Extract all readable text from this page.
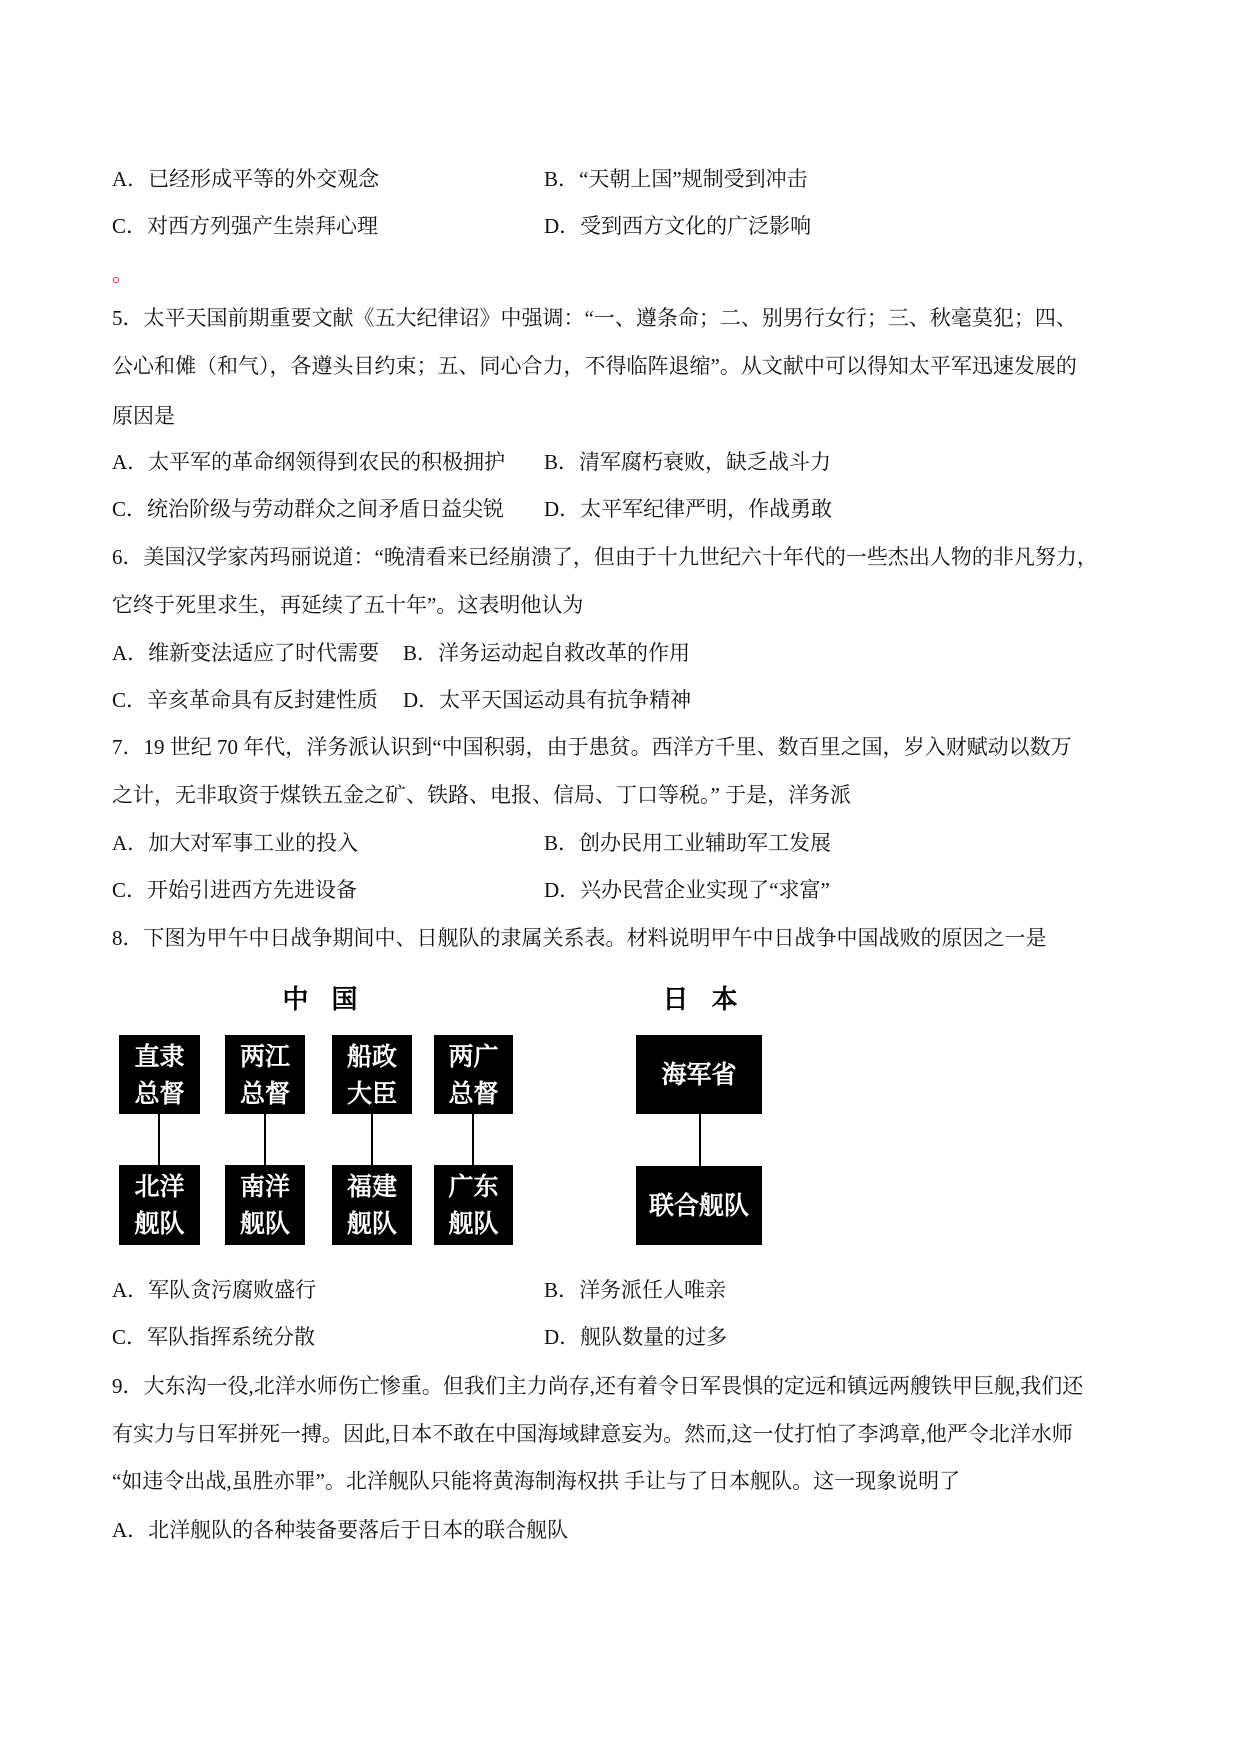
A．已经形成平等的外交观念	B．“天朝上国”规制受到冲击
C．对西方列强产生崇拜心理	D．受到西方文化的广泛影响
。
5．太平天国前期重要文献《五大纪律诏》中强调：“一、遵条命；二、别男行女行；三、秋毫莫犯；四、
公心和傩（和气），各遵头目约束；五、同心合力，不得临阵退缩”。从文献中可以得知太平军迅速发展的
原因是
A．太平军的革命纲领得到农民的积极拥护 B．清军腐朽衰败，缺乏战斗力
C．统治阶级与劳动群众之间矛盾日益尖锐 D．太平军纪律严明，作战勇敢
6．美国汉学家芮玛丽说道：“晚清看来已经崩溃了，但由于十九世纪六十年代的一些杰出人物的非凡努力，
它终于死里求生，再延续了五十年”。这表明他认为
A．维新变法适应了时代需要 B．洋务运动起自救改革的作用
C．辛亥革命具有反封建性质 D．太平天国运动具有抗争精神
7．19 世纪 70 年代，洋务派认识到“中国积弱，由于患贫。西洋方千里、数百里之国，岁入财赋动以数万
之计，无非取资于煤铁五金之矿、铁路、电报、信局、丁口等税。” 于是，洋务派
A．加大对军事工业的投入	B．创办民用工业辅助军工发展
C．开始引进西方先进设备	D．兴办民营企业实现了“求富”
8．下图为甲午中日战争期间中、日舰队的隶属关系表。材料说明甲午中日战争中国战败的原因之一是
中 国
直隶
总督
两江
总督
船政
大臣
两广
总督
北洋
舰队
南洋
舰队
福建
舰队
广东
舰队
日 本
海军省
联合舰队
A．军队贪污腐败盛行	B．洋务派任人唯亲
C．军队指挥系统分散	D．舰队数量的过多
9．大东沟一役,北洋水师伤亡惨重。但我们主力尚存,还有着令日军畏惧的定远和镇远两艘铁甲巨舰,我们还
有实力与日军拼死一搏。因此,日本不敢在中国海域肆意妄为。然而,这一仗打怕了李鸿章,他严令北洋水师
“如违令出战,虽胜亦罪”。北洋舰队只能将黄海制海权拱 手让与了日本舰队。这一现象说明了
A．北洋舰队的各种装备要落后于日本的联合舰队
